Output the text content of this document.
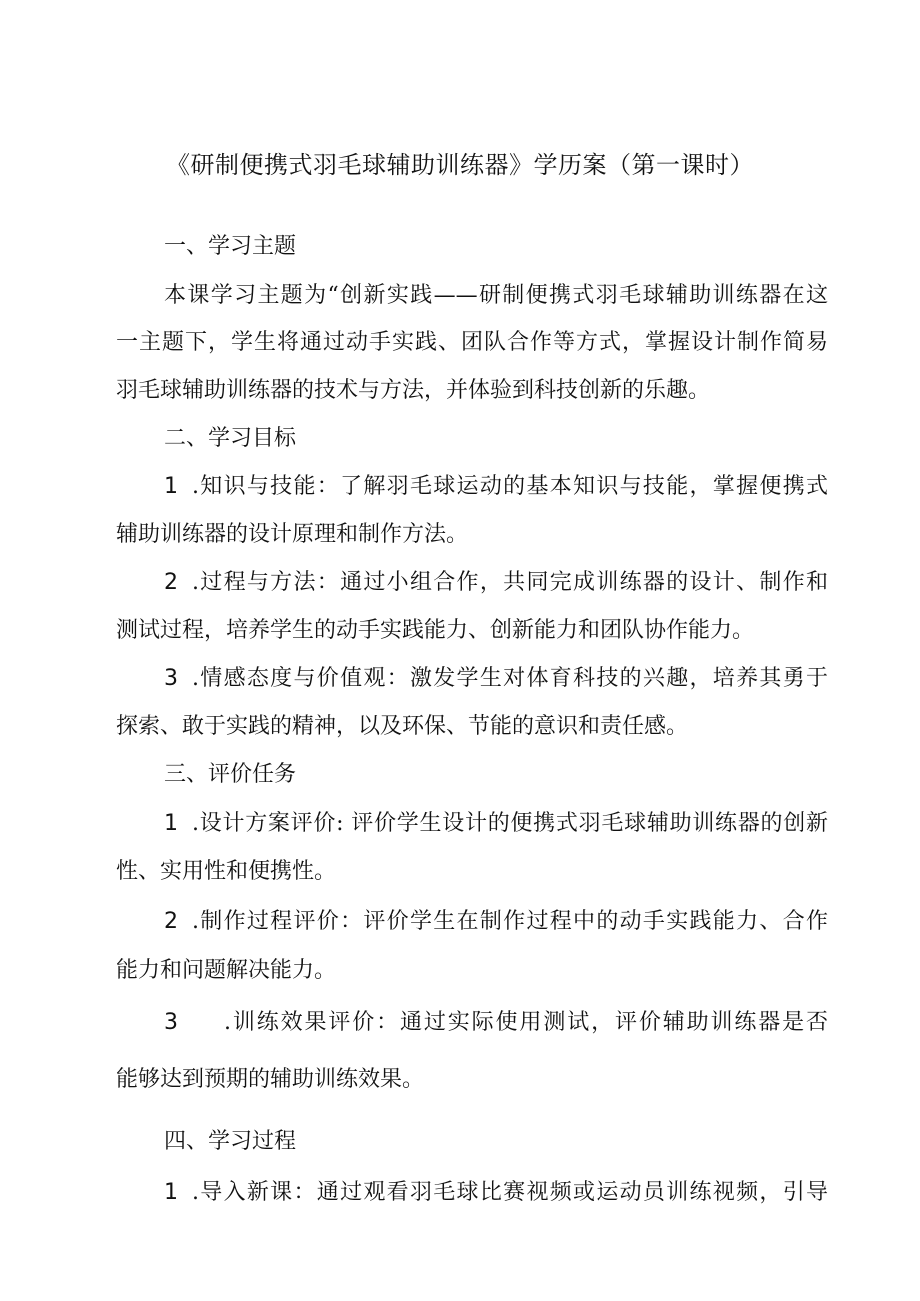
《研制便携式羽毛球辅助训练器》学历案（第一课时）
一、学习主题
本课学习主题为“创新实践——研制便携式羽毛球辅助训练器在这
一主题下，学生将通过动手实践、团队合作等方式，掌握设计制作简易
羽毛球辅助训练器的技术与方法，并体验到科技创新的乐趣。
二、学习目标
1 .知识与技能：了解羽毛球运动的基本知识与技能，掌握便携式
辅助训练器的设计原理和制作方法。
2 .过程与方法：通过小组合作，共同完成训练器的设计、制作和
测试过程，培养学生的动手实践能力、创新能力和团队协作能力。
3 .情感态度与价值观：激发学生对体育科技的兴趣，培养其勇于
探索、敢于实践的精神，以及环保、节能的意识和责任感。
三、评价任务
1 .设计方案评价: 评价学生设计的便携式羽毛球辅助训练器的创新
性、实用性和便携性。
2 .制作过程评价：评价学生在制作过程中的动手实践能力、合作
能力和问题解决能力。
3 .训练效果评价：通过实际使用测试，评价辅助训练器是否
能够达到预期的辅助训练效果。
四、学习过程
1 .导入新课：通过观看羽毛球比赛视频或运动员训练视频，引导
